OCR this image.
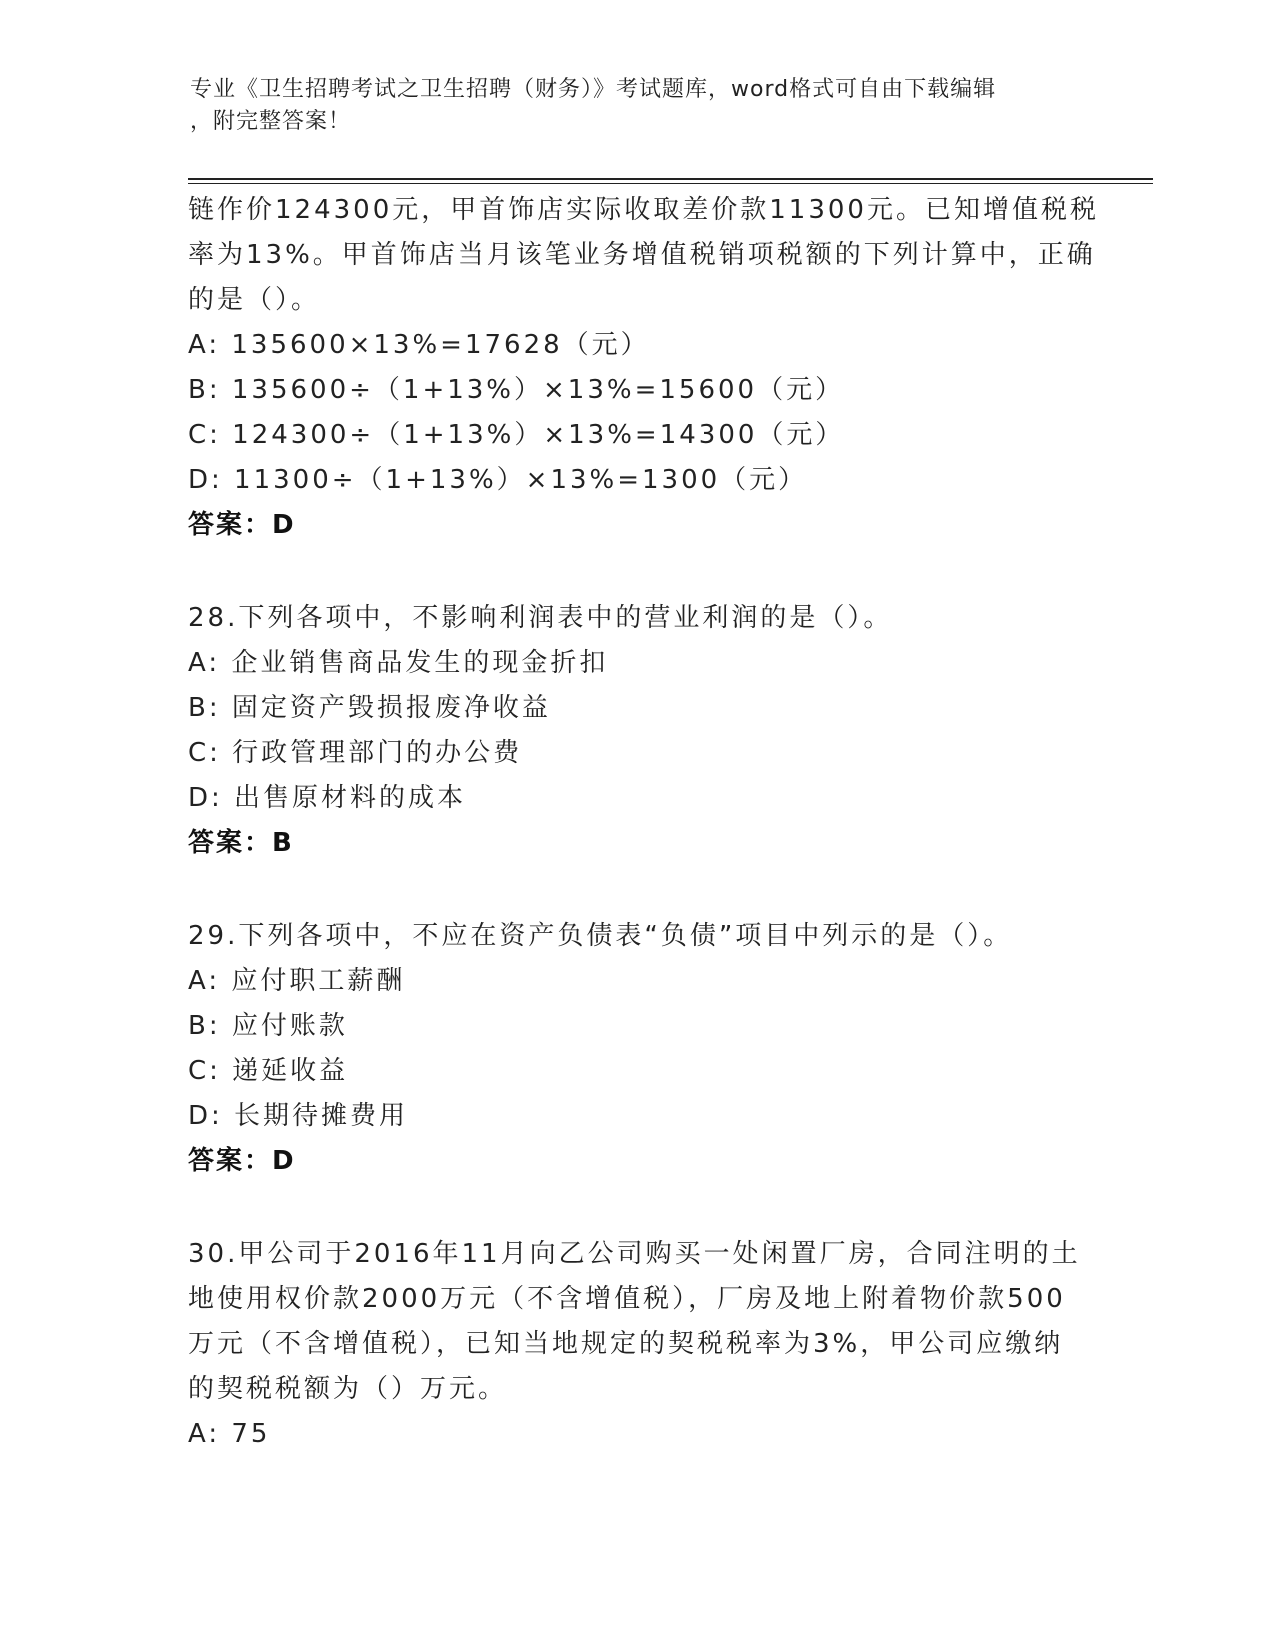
专业《卫生招聘考试之卫生招聘（财务）》考试题库，word格式可自由下载编辑
，附完整答案！
链作价124300元，甲首饰店实际收取差价款11300元。已知增值税税
率为13%。甲首饰店当月该笔业务增值税销项税额的下列计算中，正确
的是（）。
A: 135600×13%=17628（元）
B: 135600÷（1+13%）×13%=15600（元）
C: 124300÷（1+13%）×13%=14300（元）
D: 11300÷（1+13%）×13%=1300（元）
答案：D
28.下列各项中，不影响利润表中的营业利润的是（）。
A: 企业销售商品发生的现金折扣
B: 固定资产毁损报废净收益
C: 行政管理部门的办公费
D: 出售原材料的成本
答案：B
29.下列各项中，不应在资产负债表“负债”项目中列示的是（）。
A: 应付职工薪酬
B: 应付账款
C: 递延收益
D: 长期待摊费用
答案：D
30.甲公司于2016年11月向乙公司购买一处闲置厂房，合同注明的土
地使用权价款2000万元（不含增值税），厂房及地上附着物价款500
万元（不含增值税），已知当地规定的契税税率为3%，甲公司应缴纳
的契税税额为（）万元。
A: 75
